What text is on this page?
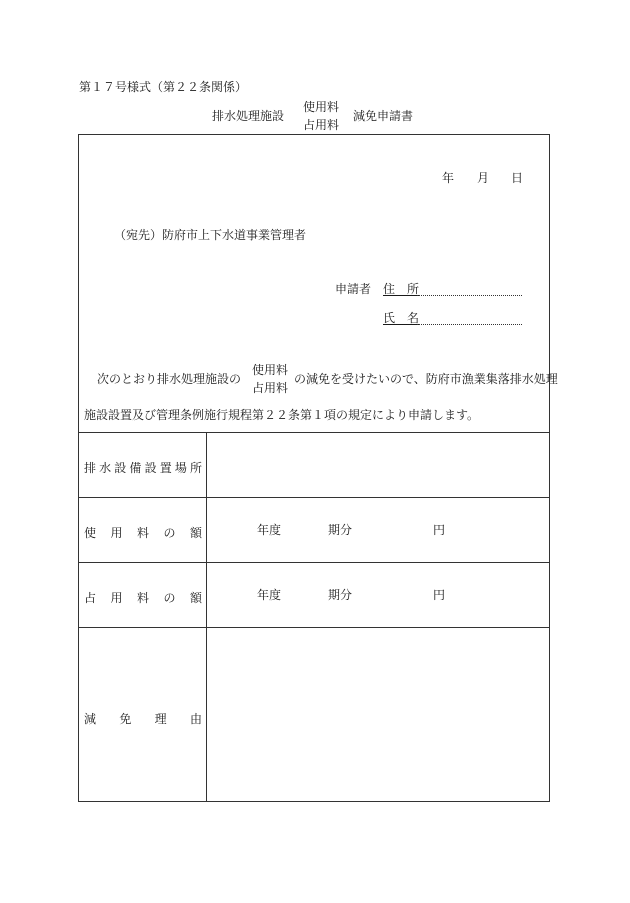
第１７号様式（第２２条関係）
排水処理施設
使用料
占用料
減免申請書
年 月 日
（宛先）防府市上下水道事業管理者
申請者 住　所
氏　名
次のとおり排水処理施設の
使用料
占用料
の減免を受けたいので、防府市漁業集落排水処理
施設設置及び管理条例施行規程第２２条第１項の規定により申請します。
排 水 設 備 設 置 場 所
使 用 料 の 額	年度	期分	円
占 用 料 の 額	年度	期分	円
減 免 理 由
